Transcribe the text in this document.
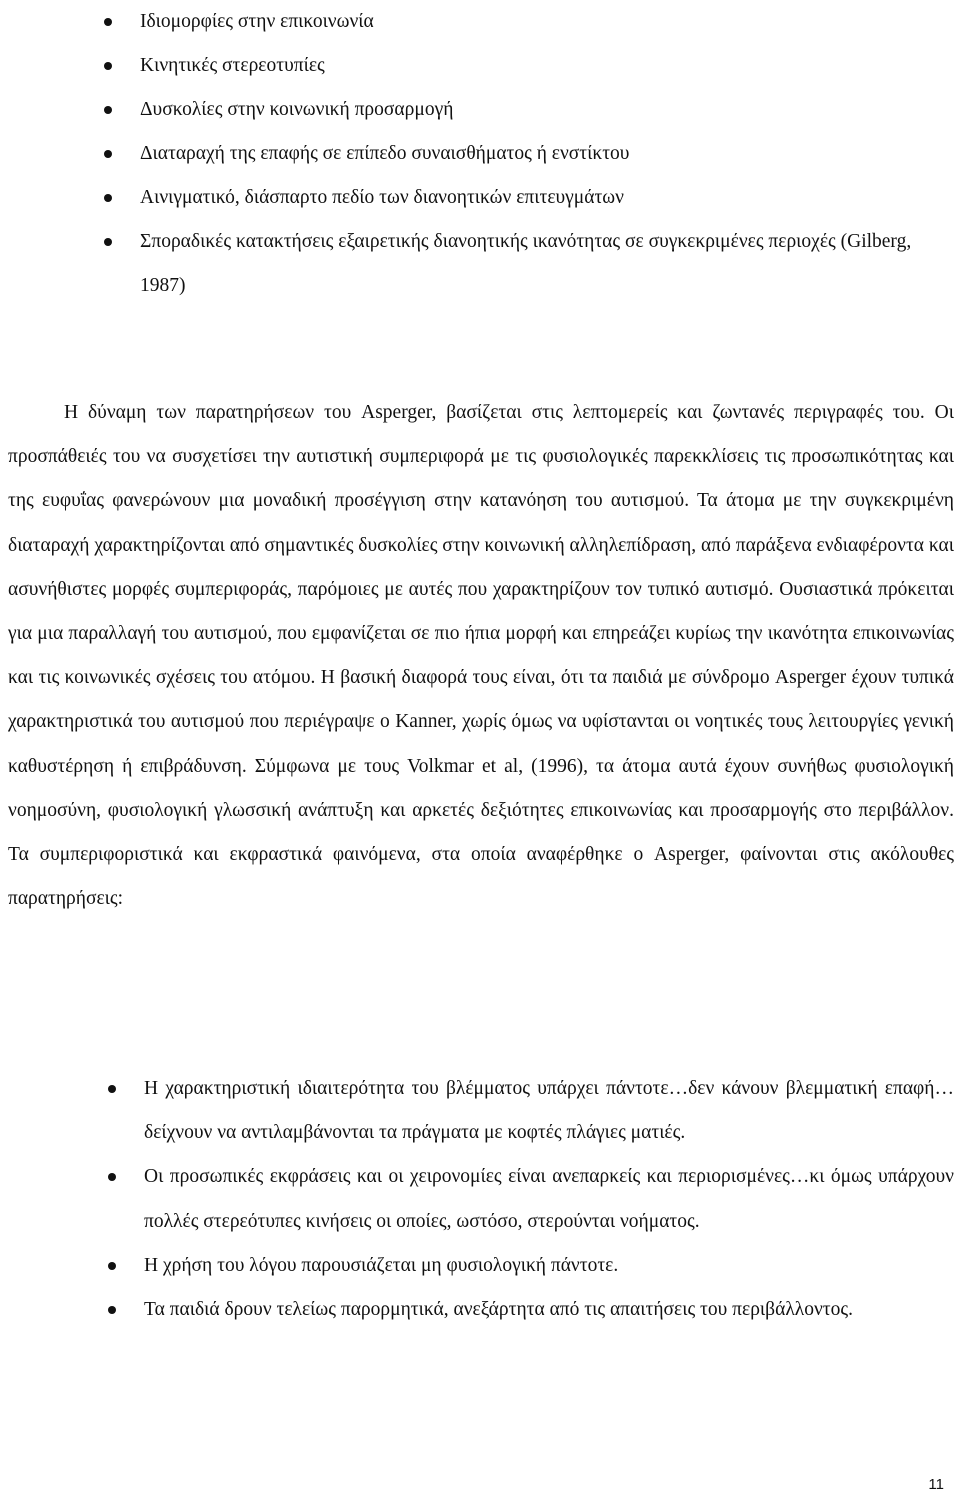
Ιδιομορφίες στην επικοινωνία
Κινητικές στερεοτυπίες
Δυσκολίες στην κοινωνική προσαρμογή
Διαταραχή της επαφής σε επίπεδο συναισθήματος ή ενστίκτου
Αινιγματικό, διάσπαρτο πεδίο των διανοητικών επιτευγμάτων
Σποραδικές κατακτήσεις εξαιρετικής διανοητικής ικανότητας σε συγκεκριμένες περιοχές (Gilberg, 1987)

Η δύναμη των παρατηρήσεων του Asperger, βασίζεται στις λεπτομερείς και ζωντανές περιγραφές του. Οι προσπάθειές του να συσχετίσει την αυτιστική συμπεριφορά με τις φυσιολογικές παρεκκλίσεις τις προσωπικότητας και της ευφυΐας φανερώνουν μια μοναδική προσέγγιση στην κατανόηση του αυτισμού. Τα άτομα με την συγκεκριμένη διαταραχή χαρακτηρίζονται από σημαντικές δυσκολίες στην κοινωνική αλληλεπίδραση, από παράξενα ενδιαφέροντα και ασυνήθιστες μορφές συμπεριφοράς, παρόμοιες με αυτές που χαρακτηρίζουν τον τυπικό αυτισμό. Ουσιαστικά πρόκειται για μια παραλλαγή του αυτισμού, που εμφανίζεται σε πιο ήπια μορφή και επηρεάζει κυρίως την ικανότητα επικοινωνίας και τις κοινωνικές σχέσεις του ατόμου. Η βασική διαφορά τους είναι, ότι τα παιδιά με σύνδρομο Asperger έχουν τυπικά χαρακτηριστικά του αυτισμού που περιέγραψε ο Kanner, χωρίς όμως να υφίστανται οι νοητικές τους λειτουργίες γενική καθυστέρηση ή επιβράδυνση. Σύμφωνα με τους Volkmar et al, (1996), τα άτομα αυτά έχουν συνήθως φυσιολογική νοημοσύνη, φυσιολογική γλωσσική ανάπτυξη και αρκετές δεξιότητες επικοινωνίας και προσαρμογής στο περιβάλλον. Τα συμπεριφοριστικά και εκφραστικά φαινόμενα, στα οποία αναφέρθηκε ο Asperger, φαίνονται στις ακόλουθες παρατηρήσεις:

Η χαρακτηριστική ιδιαιτερότητα του βλέμματος υπάρχει πάντοτε…δεν κάνουν βλεμματική επαφή…δείχνουν να αντιλαμβάνονται τα πράγματα με κοφτές πλάγιες ματιές.
Οι προσωπικές εκφράσεις και οι χειρονομίες είναι ανεπαρκείς και περιορισμένες…κι όμως υπάρχουν πολλές στερεότυπες κινήσεις οι οποίες, ωστόσο, στερούνται νοήματος.
Η χρήση του λόγου παρουσιάζεται μη φυσιολογική πάντοτε.
Τα παιδιά δρουν τελείως παρορμητικά, ανεξάρτητα από τις απαιτήσεις του περιβάλλοντος.
11
